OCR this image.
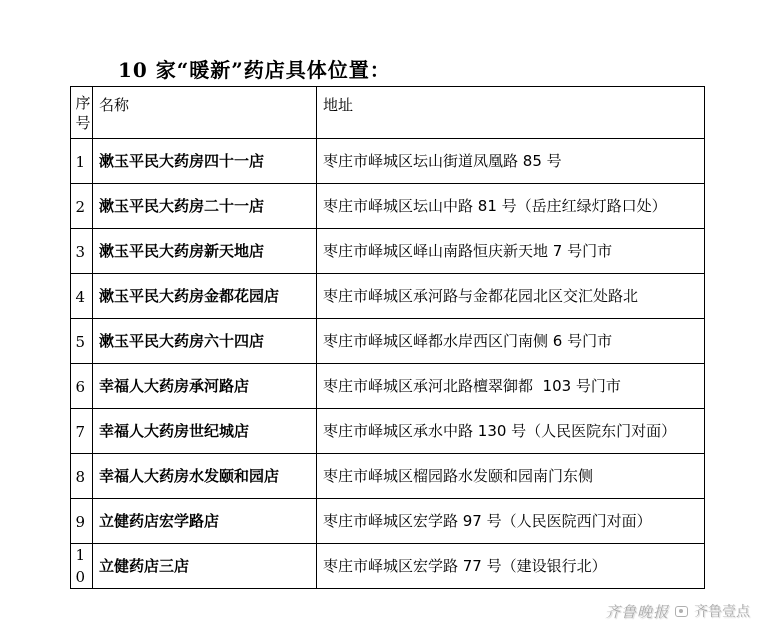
10 家“暖新”药店具体位置：
序号	名称	地址
1	漱玉平民大药房四十一店	枣庄市峄城区坛山街道凤凰路 85 号
2	漱玉平民大药房二十一店	枣庄市峄城区坛山中路 81 号（岳庄红绿灯路口处）
3	漱玉平民大药房新天地店	枣庄市峄城区峄山南路恒庆新天地 7 号门市
4	漱玉平民大药房金都花园店	枣庄市峄城区承河路与金都花园北区交汇处路北
5	漱玉平民大药房六十四店	枣庄市峄城区峄都水岸西区门南侧 6 号门市
6	幸福人大药房承河路店	枣庄市峄城区承河北路檀翠御都  103 号门市
7	幸福人大药房世纪城店	枣庄市峄城区承水中路 130 号（人民医院东门对面）
8	幸福人大药房水发颐和园店	枣庄市峄城区榴园路水发颐和园南门东侧
9	立健药店宏学路店	枣庄市峄城区宏学路 97 号（人民医院西门对面）
10	立健药店三店	枣庄市峄城区宏学路 77 号（建设银行北）
齐鲁晚报 齐鲁壹点
